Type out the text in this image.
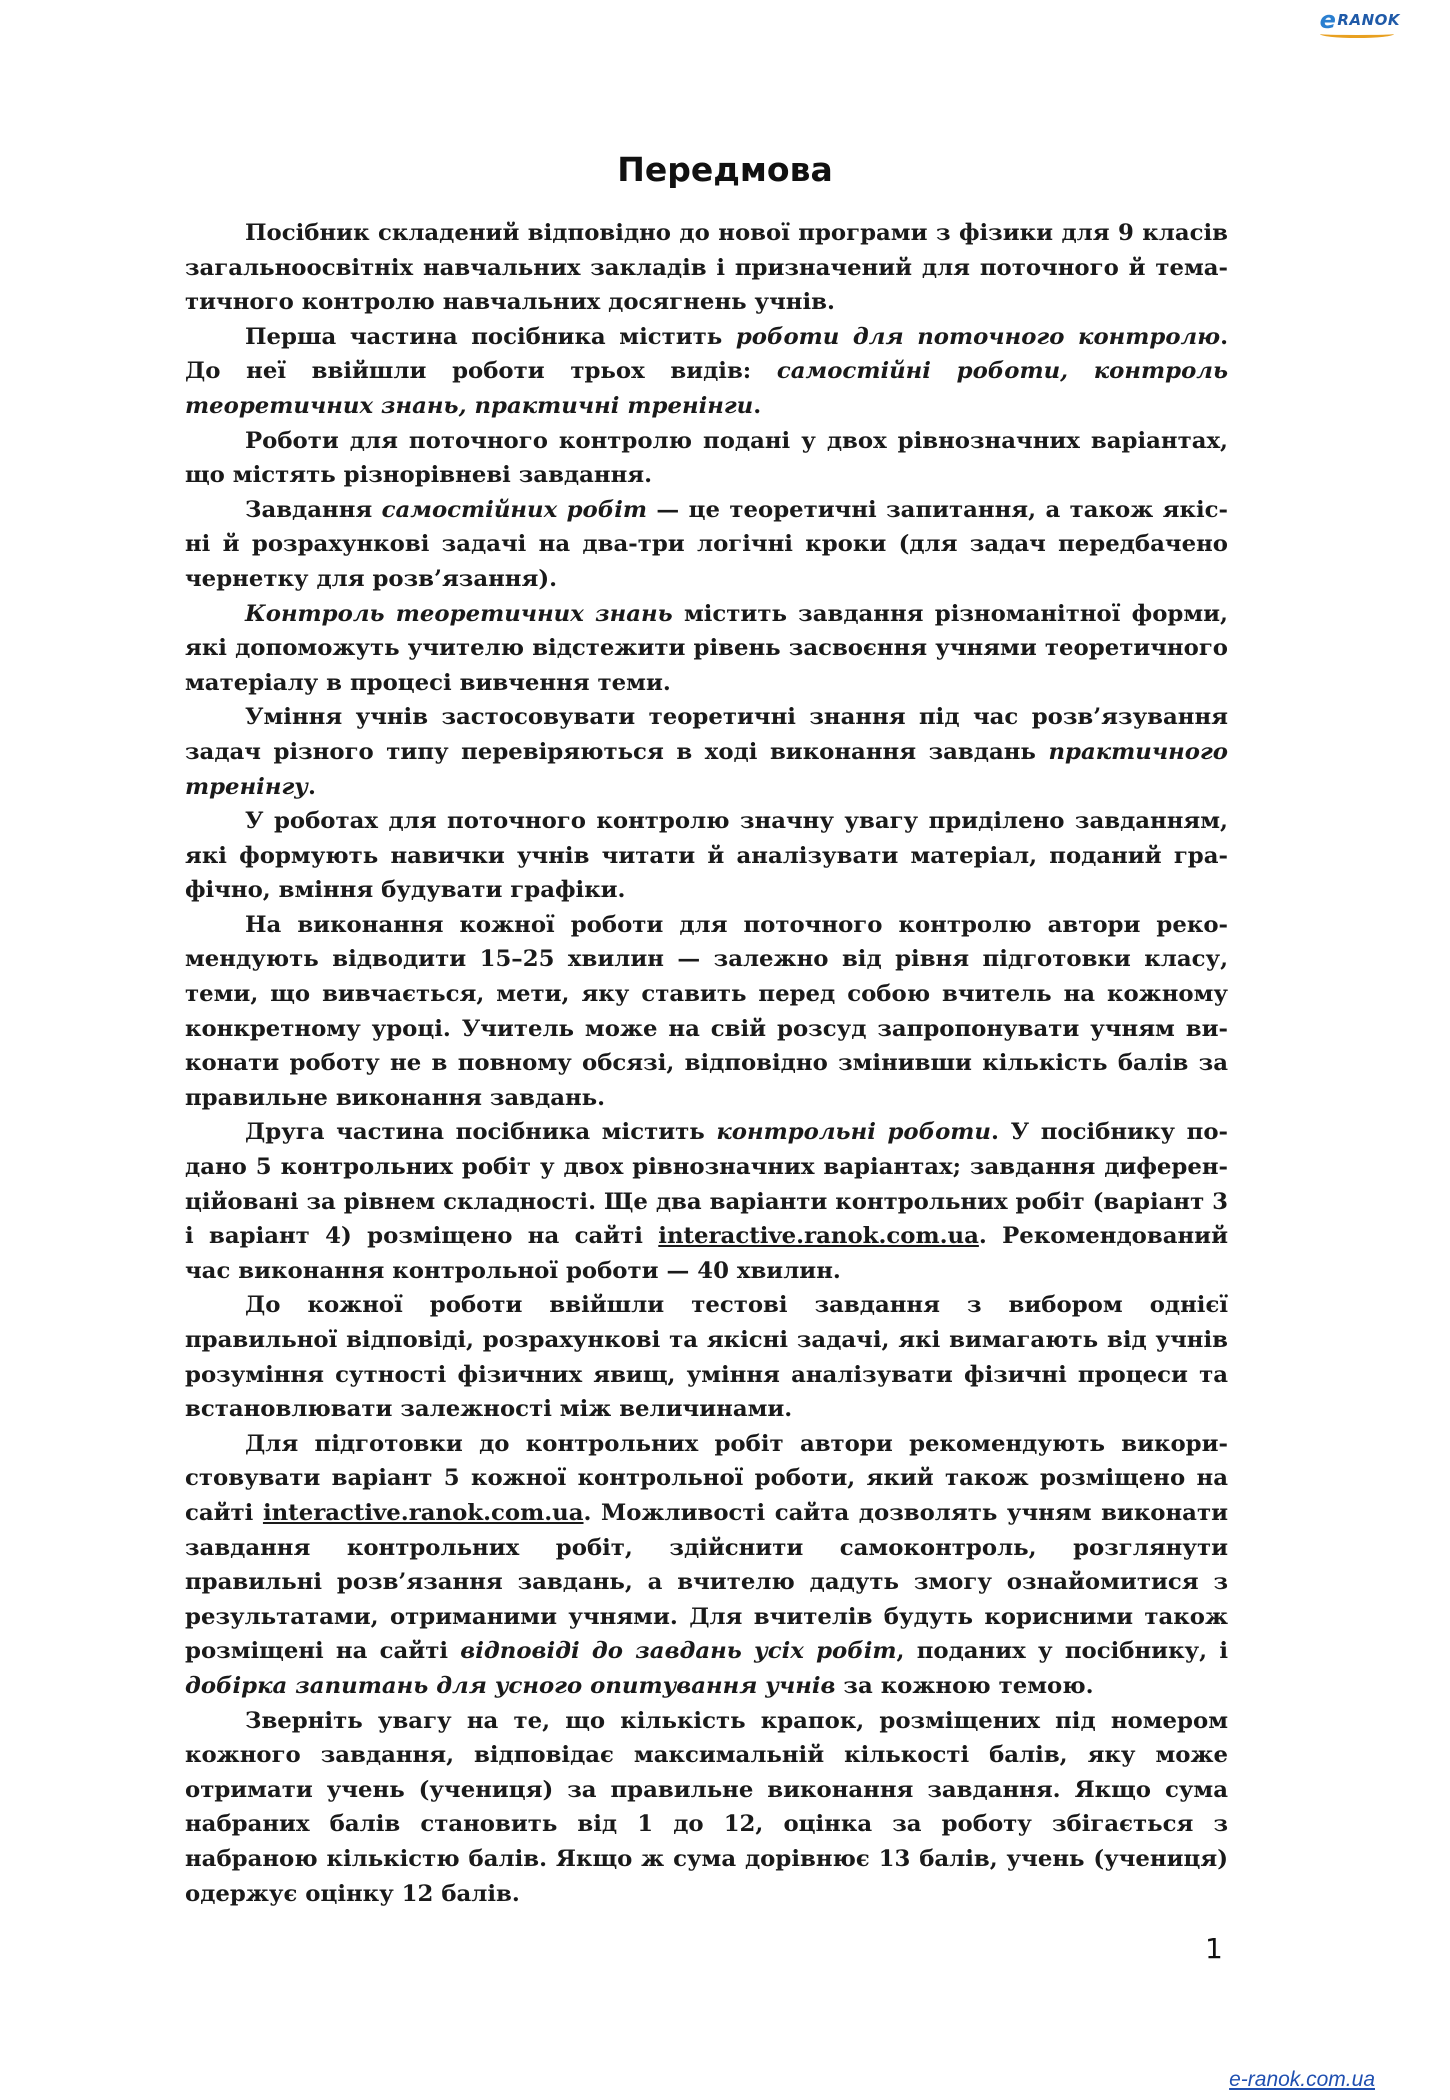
e RANOK
Передмова

Посібник складений відповідно до нової програми з фізики для 9 класів загальноосвітніх навчальних закладів і призначений для поточного й тематичного контролю навчальних досягнень учнів.

Перша частина посібника містить роботи для поточного контролю. До неї ввійшли роботи трьох видів: самостійні роботи, контроль теоретичних знань, практичні тренінги.

Роботи для поточного контролю подані у двох рівнозначних варіантах, що містять різнорівневі завдання.

Завдання самостійних робіт — це теоретичні запитання, а також якісні й розрахункові задачі на два-три логічні кроки (для задач передбачено чернетку для розв’язання).

Контроль теоретичних знань містить завдання різноманітної форми, які допоможуть учителю відстежити рівень засвоєння учнями теоретичного матеріалу в процесі вивчення теми.

Уміння учнів застосовувати теоретичні знання під час розв’язування задач різного типу перевіряються в ході виконання завдань практичного тренінгу.

У роботах для поточного контролю значну увагу приділено завданням, які формують навички учнів читати й аналізувати матеріал, поданий графічно, вміння будувати графіки.

На виконання кожної роботи для поточного контролю автори рекомендують відводити 15–25 хвилин — залежно від рівня підготовки класу, теми, що вивчається, мети, яку ставить перед собою вчитель на кожному конкретному уроці. Учитель може на свій розсуд запропонувати учням виконати роботу не в повному обсязі, відповідно змінивши кількість балів за правильне виконання завдань.

Друга частина посібника містить контрольні роботи. У посібнику подано 5 контрольних робіт у двох рівнозначних варіантах; завдання диференційовані за рівнем складності. Ще два варіанти контрольних робіт (варіант 3 і варіант 4) розміщено на сайті interactive.ranok.com.ua. Рекомендований час виконання контрольної роботи — 40 хвилин.

До кожної роботи ввійшли тестові завдання з вибором однієї правильної відповіді, розрахункові та якісні задачі, які вимагають від учнів розуміння сутності фізичних явищ, уміння аналізувати фізичні процеси та встановлювати залежності між величинами.

Для підготовки до контрольних робіт автори рекомендують використовувати варіант 5 кожної контрольної роботи, який також розміщено на сайті interactive.ranok.com.ua. Можливості сайта дозволять учням виконати завдання контрольних робіт, здійснити самоконтроль, розглянути правильні розв’язання завдань, а вчителю дадуть змогу ознайомитися з результатами, отриманими учнями. Для вчителів будуть корисними також розміщені на сайті відповіді до завдань усіх робіт, поданих у посібнику, і добірка запитань для усного опитування учнів за кожною темою.

Зверніть увагу на те, що кількість крапок, розміщених під номером кожного завдання, відповідає максимальній кількості балів, яку може отримати учень (учениця) за правильне виконання завдання. Якщо сума набраних балів становить від 1 до 12, оцінка за роботу збігається з набраною кількістю балів. Якщо ж сума дорівнює 13 балів, учень (учениця) одержує оцінку 12 балів.

1
e-ranok.com.ua
